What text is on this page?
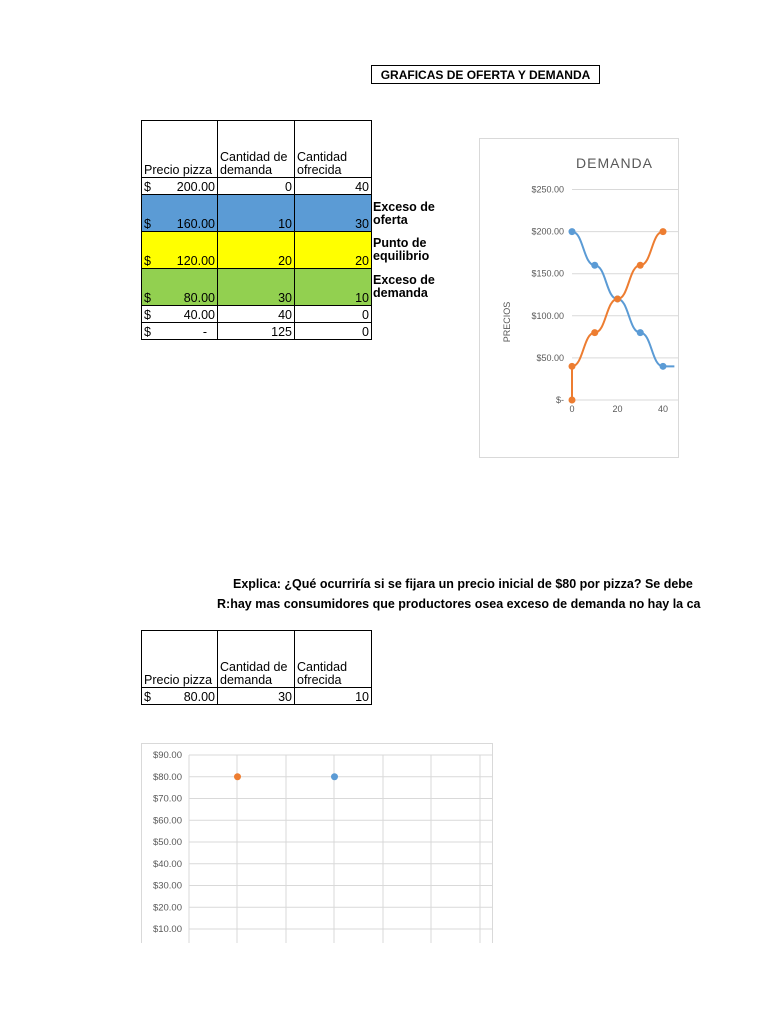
GRAFICAS DE OFERTA Y DEMANDA
Precio pizza	Cantidad de demanda	Cantidad ofrecida

$ 200.00	0	40

$ 160.00	10	30

$ 120.00	20	20

$ 80.00	30	10

$ 40.00	40	0

$ -	125	0
Exceso de oferta
Punto de equilibrio
Exceso de demanda
DEMANDA
PRECIOS
$-
$50.00
$100.00
$150.00
$200.00
$250.00
0	20	40
Explica: ¿Qué ocurriría si se fijara un precio inicial de $80 por pizza? Se debe
R:hay mas consumidores que productores osea exceso de demanda no hay la ca
Precio pizza	Cantidad de demanda	Cantidad ofrecida

$ 80.00	30	10
$10.00
$20.00
$30.00
$40.00
$50.00
$60.00
$70.00
$80.00
$90.00
